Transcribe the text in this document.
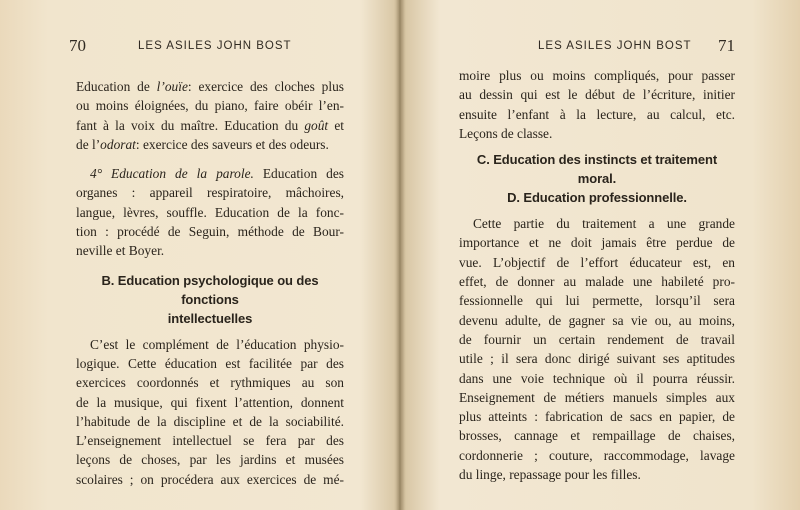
70	LES ASILES JOHN BOST
Education de l’ouïe: exercice des cloches plus
ou moins éloignées, du piano, faire obéir l’en-
fant à la voix du maître. Education du goût et
de l’odorat: exercice des saveurs et des odeurs.
4° Education de la parole. Education des
organes : appareil respiratoire, mâchoires,
langue, lèvres, souffle. Education de la fonc-
tion : procédé de Seguin, méthode de Bour-
neville et Boyer.
B. Education psychologique ou des fonctions
intellectuelles
C’est le complément de l’éducation physio-
logique. Cette éducation est facilitée par des
exercices coordonnés et rythmiques au son
de la musique, qui fixent l’attention, donnent
l’habitude de la discipline et de la sociabilité.
L’enseignement intellectuel se fera par des
leçons de choses, par les jardins et musées
scolaires ; on procédera aux exercices de mé-
LES ASILES JOHN BOST 71
moire plus ou moins compliqués, pour passer
au dessin qui est le début de l’écriture, initier
ensuite l’enfant à la lecture, au calcul, etc.
Leçons de classe.
C. Education des instincts et traitement moral.
D. Education professionnelle.
Cette partie du traitement a une grande
importance et ne doit jamais être perdue de
vue. L’objectif de l’effort éducateur est, en
effet, de donner au malade une habileté pro-
fessionnelle qui lui permette, lorsqu’il sera
devenu adulte, de gagner sa vie ou, au moins,
de fournir un certain rendement de travail
utile ; il sera donc dirigé suivant ses aptitudes
dans une voie technique où il pourra réussir.
Enseignement de métiers manuels simples aux
plus atteints : fabrication de sacs en papier, de
brosses, cannage et rempaillage de chaises,
cordonnerie ; couture, raccommodage, lavage
du linge, repassage pour les filles.
